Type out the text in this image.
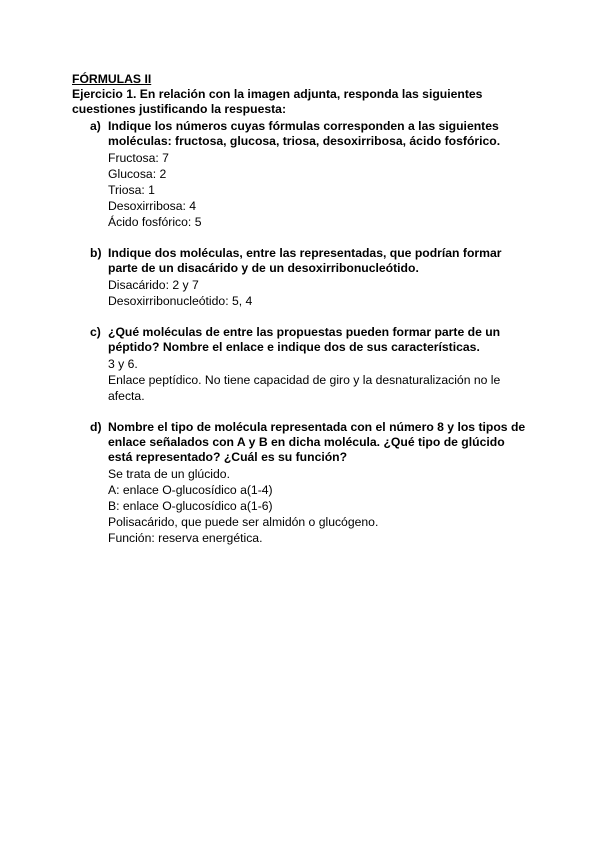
FÓRMULAS II

Ejercicio 1. En relación con la imagen adjunta, responda las siguientes cuestiones justificando la respuesta:

a) Indique los números cuyas fórmulas corresponden a las siguientes moléculas: fructosa, glucosa, triosa, desoxirribosa, ácido fosfórico.

Fructosa: 7
Glucosa: 2
Triosa: 1
Desoxirribosa: 4
Ácido fosfórico: 5
b) Indique dos moléculas, entre las representadas, que podrían formar parte de un disacárido y de un desoxirribonucleótido.

Disacárido: 2 y 7
Desoxirribonucleótido: 5, 4
c) ¿Qué moléculas de entre las propuestas pueden formar parte de un péptido? Nombre el enlace e indique dos de sus características.

3 y 6.
Enlace peptídico. No tiene capacidad de giro y la desnaturalización no le afecta.
d) Nombre el tipo de molécula representada con el número 8 y los tipos de enlace señalados con A y B en dicha molécula. ¿Qué tipo de glúcido está representado? ¿Cuál es su función?

Se trata de un glúcido.
A: enlace O-glucosídico a(1-4)
B: enlace O-glucosídico a(1-6)
Polisacárido, que puede ser almidón o glucógeno.
Función: reserva energética.
